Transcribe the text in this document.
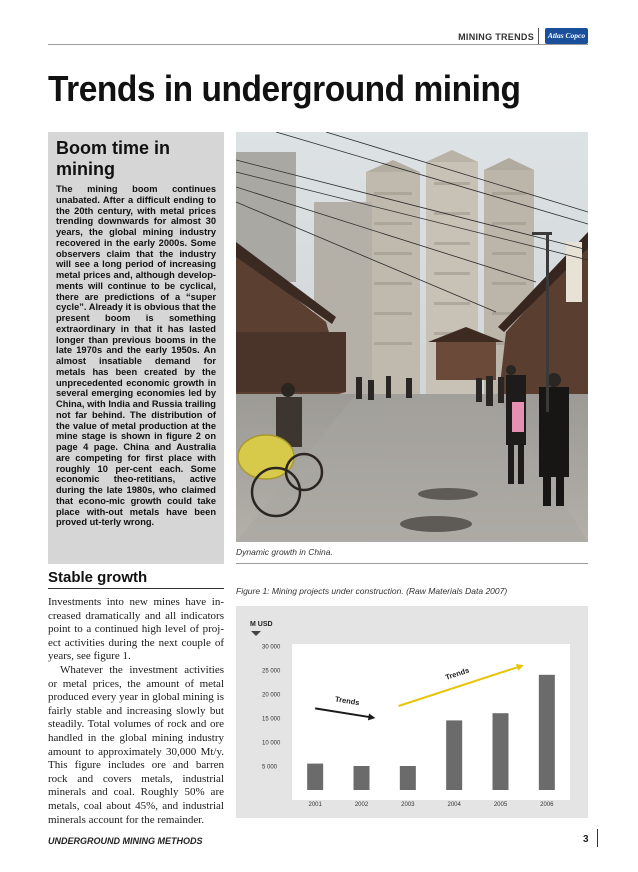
MINING TRENDS	Atlas Copco
Trends in underground mining
Boom time in mining
The mining boom continues unabated. After a difficult ending to the 20th century, with metal prices trending downwards for almost 30 years, the global mining industry recovered in the early 2000s. Some observers claim that the industry will see a long period of increasing metal prices and, although develop-ments will continue to be cyclical, there are predictions of a “super cycle”. Already it is obvious that the present boom is something extraordinary in that it has lasted longer than previous booms in the late 1970s and the early 1950s. An almost insatiable demand for metals has been created by the unprecedented economic growth in several emerging economies led by China, with India and Russia trailing not far behind. The distribution of the value of metal production at the mine stage is shown in figure 2 on page 4 page. China and Australia are competing for first place with roughly 10 per-cent each. Some economic theo-retitians, active during the late 1980s, who claimed that econo-mic growth could take place with-out metals have been proved ut-terly wrong.
Stable growth

Investments into new mines have in-creased dramatically and all indicators point to a continued high level of proj-ect activities during the next couple of years, see figure 1.

Whatever the investment activities or metal prices, the amount of metal produced every year in global mining is fairly stable and increasing slowly but steadily. Total volumes of rock and ore handled in the global mining industry amount to approximately 30,000 Mt/y. This figure includes ore and barren rock and covers metals, industrial minerals and coal. Roughly 50% are metals, coal about 45%, and industrial minerals account for the remainder.

Dynamic growth in China.
Figure 1: Mining projects under construction. (Raw Materials Data 2007)
M USD
5 000
10 000
15 000
20 000
25 000
30 000
2001	2002	2003	2004	2005	2006
Trends
Trends
UNDERGROUND MINING METHODS	3
